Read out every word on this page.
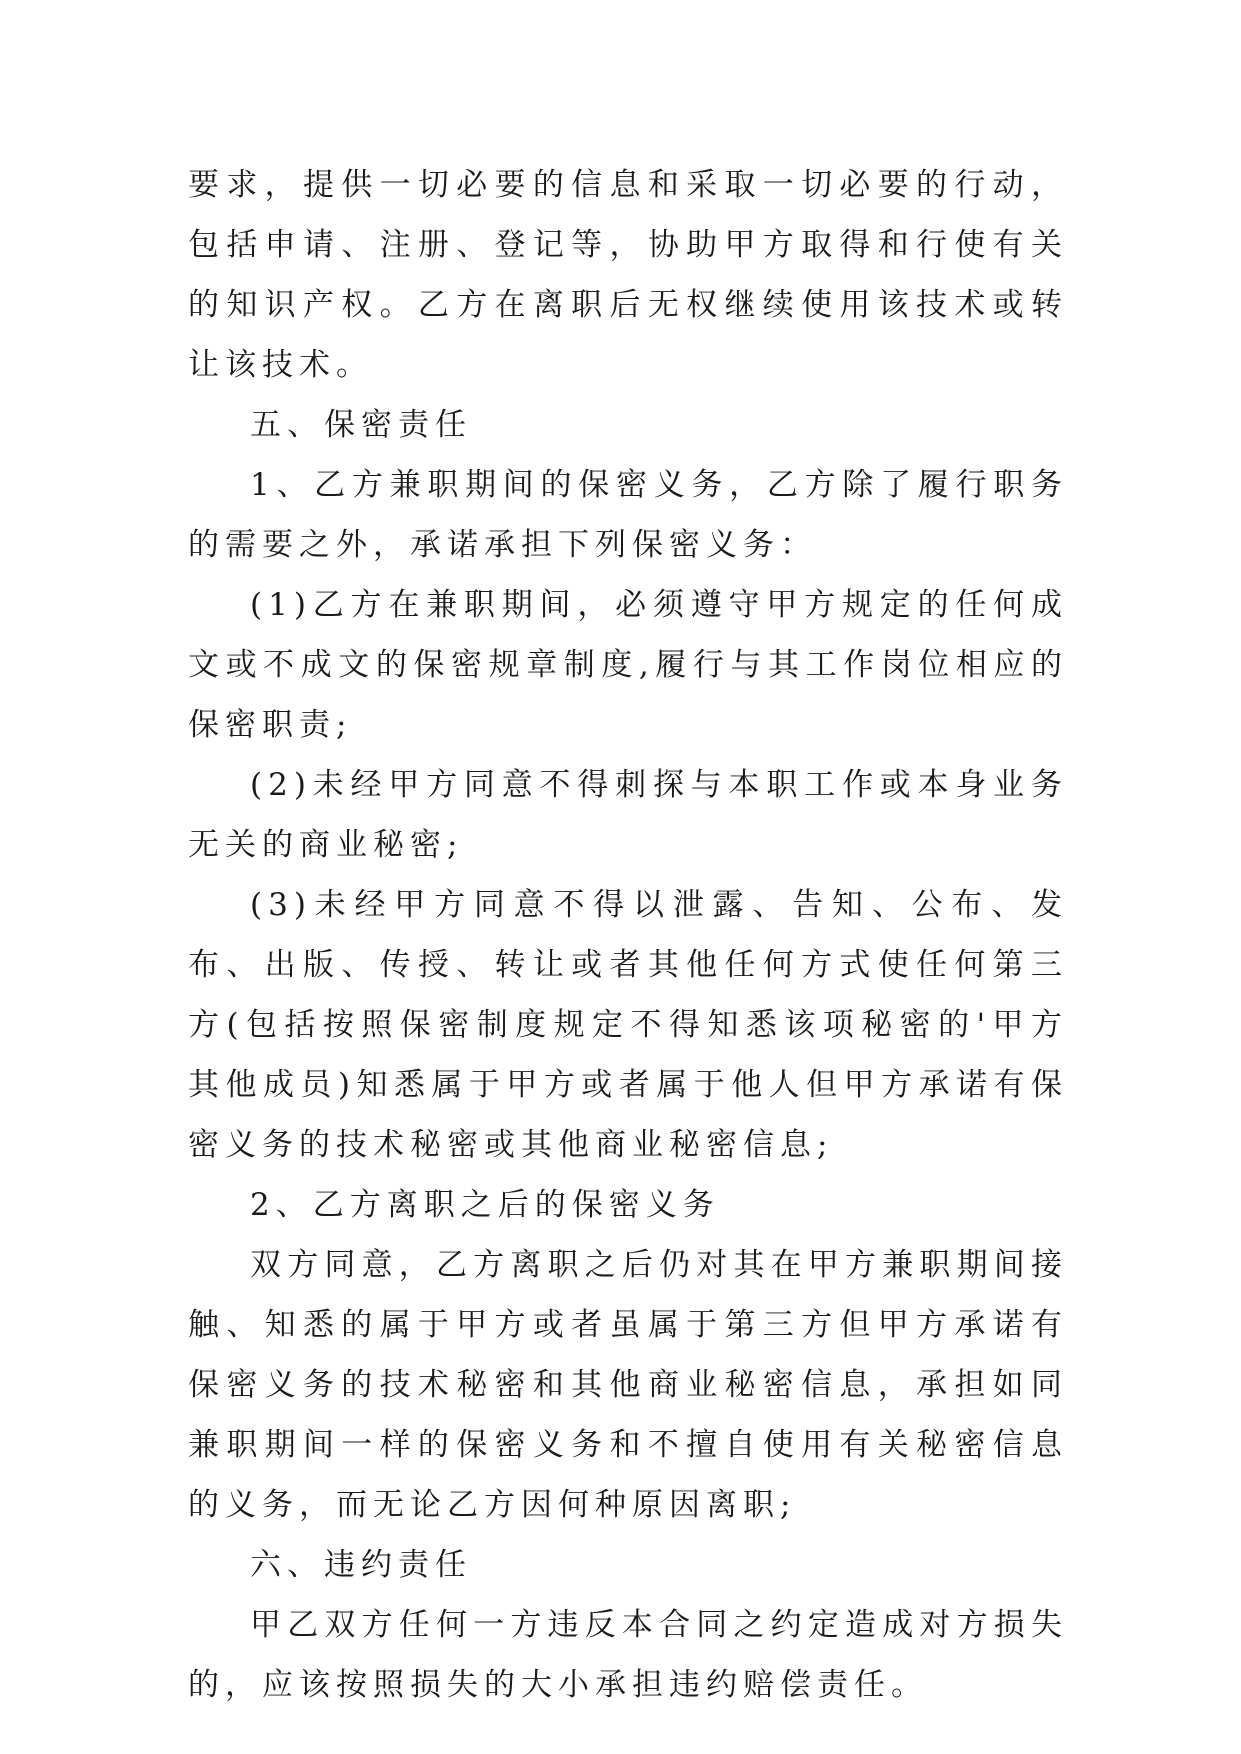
要求，提供一切必要的信息和采取一切必要的行动，包括申请、注册、登记等，协助甲方取得和行使有关的知识产权。乙方在离职后无权继续使用该技术或转让该技术。

五、保密责任

1、乙方兼职期间的保密义务，乙方除了履行职务的需要之外，承诺承担下列保密义务：

(1)乙方在兼职期间，必须遵守甲方规定的任何成文或不成文的保密规章制度,履行与其工作岗位相应的保密职责;

(2)未经甲方同意不得刺探与本职工作或本身业务无关的商业秘密;

(3)未经甲方同意不得以泄露、告知、公布、发布、出版、传授、转让或者其他任何方式使任何第三方(包括按照保密制度规定不得知悉该项秘密的'甲方其他成员)知悉属于甲方或者属于他人但甲方承诺有保密义务的技术秘密或其他商业秘密信息;

2、乙方离职之后的保密义务

双方同意，乙方离职之后仍对其在甲方兼职期间接触、知悉的属于甲方或者虽属于第三方但甲方承诺有保密义务的技术秘密和其他商业秘密信息，承担如同兼职期间一样的保密义务和不擅自使用有关秘密信息的义务，而无论乙方因何种原因离职;

六、违约责任

甲乙双方任何一方违反本合同之约定造成对方损失的，应该按照损失的大小承担违约赔偿责任。
